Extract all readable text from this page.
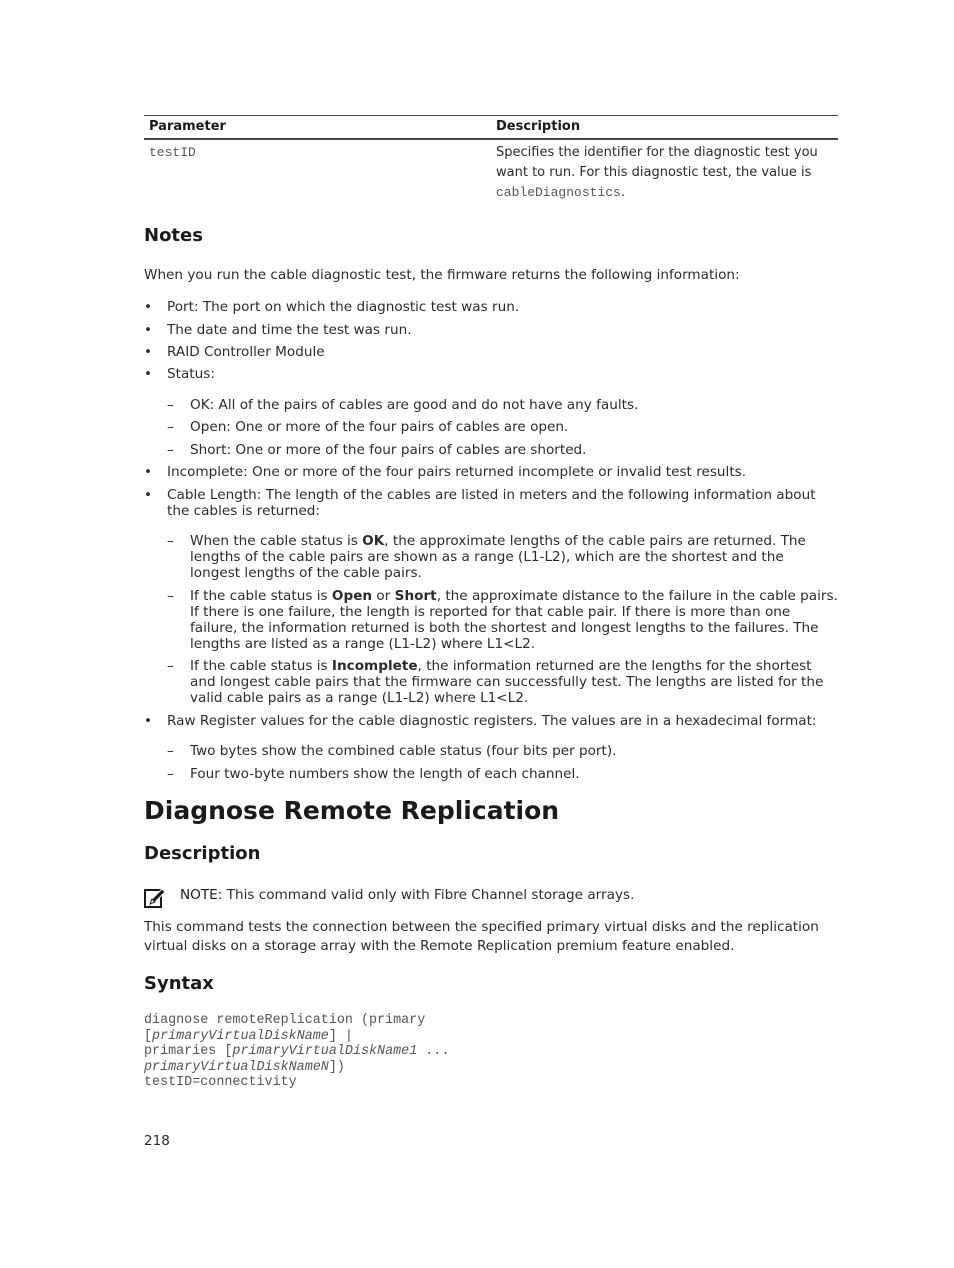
Parameter	Description
testID	Specifies the identifier for the diagnostic test you want to run. For this diagnostic test, the value is cableDiagnostics.
Notes

When you run the cable diagnostic test, the firmware returns the following information:

• Port: The port on which the diagnostic test was run.
• The date and time the test was run.
• RAID Controller Module
• Status:
–	OK: All of the pairs of cables are good and do not have any faults.
–	Open: One or more of the four pairs of cables are open.
–	Short: One or more of the four pairs of cables are shorted.
• Incomplete: One or more of the four pairs returned incomplete or invalid test results.
• Cable Length: The length of the cables are listed in meters and the following information about the cables is returned:
–	When the cable status is OK, the approximate lengths of the cable pairs are returned. The lengths of the cable pairs are shown as a range (L1-L2), which are the shortest and the longest lengths of the cable pairs.
–	If the cable status is Open or Short, the approximate distance to the failure in the cable pairs. If there is one failure, the length is reported for that cable pair. If there is more than one failure, the information returned is both the shortest and longest lengths to the failures. The lengths are listed as a range (L1-L2) where L1<L2.
–	If the cable status is Incomplete, the information returned are the lengths for the shortest and longest cable pairs that the firmware can successfully test. The lengths are listed for the valid cable pairs as a range (L1-L2) where L1<L2.
• Raw Register values for the cable diagnostic registers. The values are in a hexadecimal format:
–	Two bytes show the combined cable status (four bits per port).
–	Four two-byte numbers show the length of each channel.
Diagnose Remote Replication
Description
NOTE: This command valid only with Fibre Channel storage arrays.

This command tests the connection between the specified primary virtual disks and the replication virtual disks on a storage array with the Remote Replication premium feature enabled.

Syntax
diagnose remoteReplication (primary
[primaryVirtualDiskName] |
primaries [primaryVirtualDiskName1 ...
primaryVirtualDiskNameN])
testID=connectivity
218
